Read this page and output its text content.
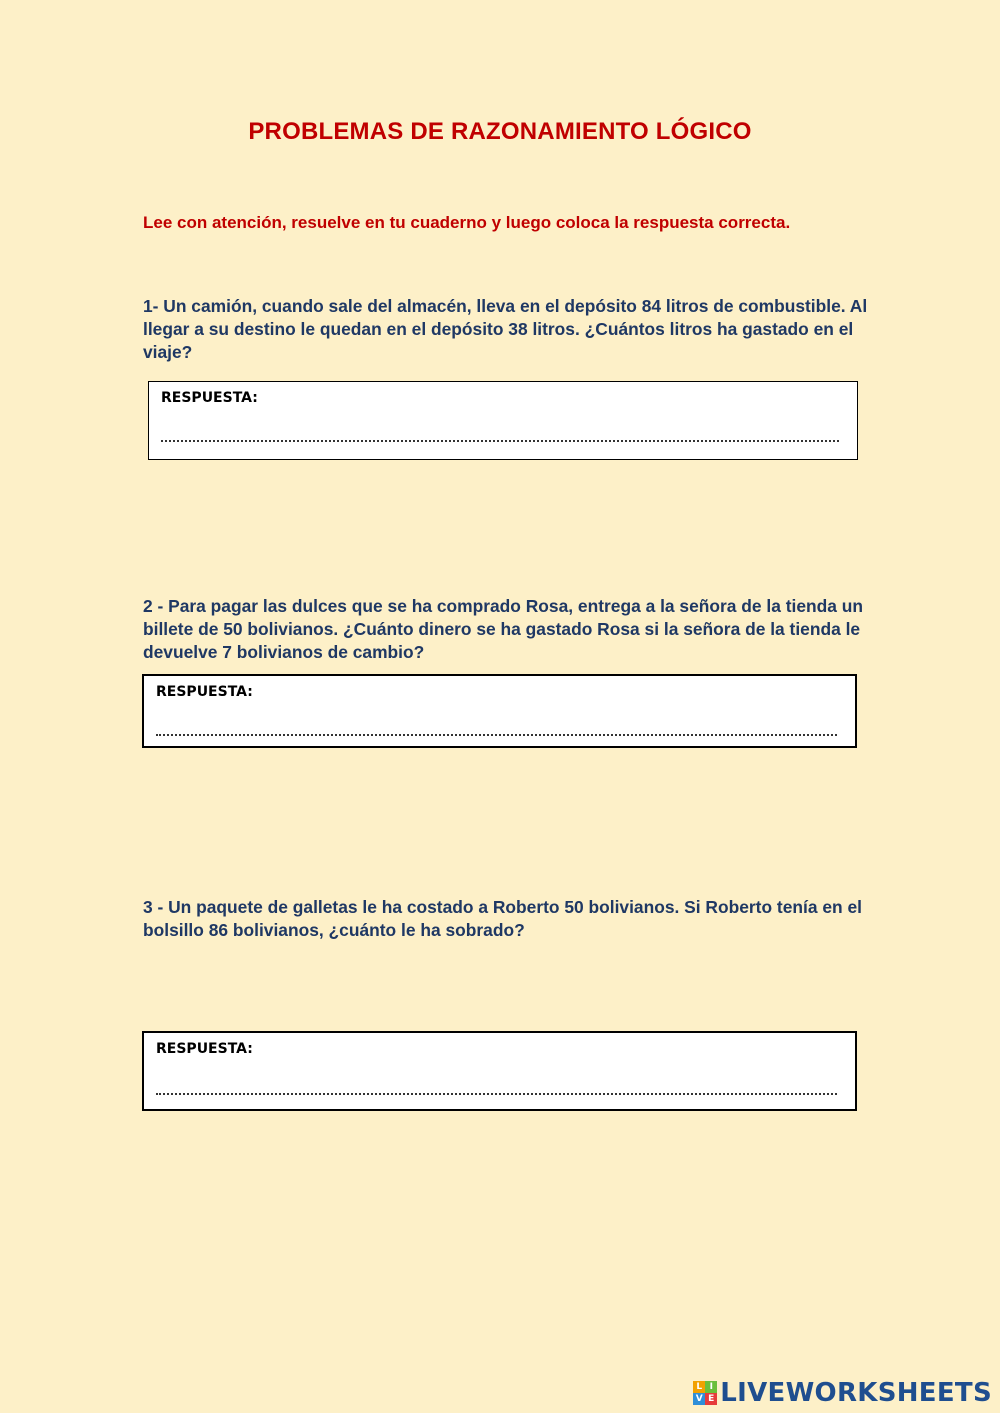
PROBLEMAS DE RAZONAMIENTO LÓGICO
Lee con atención, resuelve en tu cuaderno y luego coloca la respuesta correcta.
1- Un camión, cuando sale del almacén, lleva en el depósito 84 litros de combustible. Al llegar a su destino le quedan en el depósito 38 litros. ¿Cuántos litros ha gastado en el viaje?
RESPUESTA:
2 - Para pagar las dulces que se ha comprado Rosa, entrega a la señora de la tienda un billete de 50 bolivianos. ¿Cuánto dinero se ha gastado Rosa si la señora de la tienda le devuelve 7 bolivianos de cambio?
RESPUESTA:
3 - Un paquete de galletas le ha costado a Roberto 50 bolivianos. Si Roberto tenía en el bolsillo 86 bolivianos, ¿cuánto le ha sobrado?
RESPUESTA:
L I
V E LIVEWORKSHEETS
